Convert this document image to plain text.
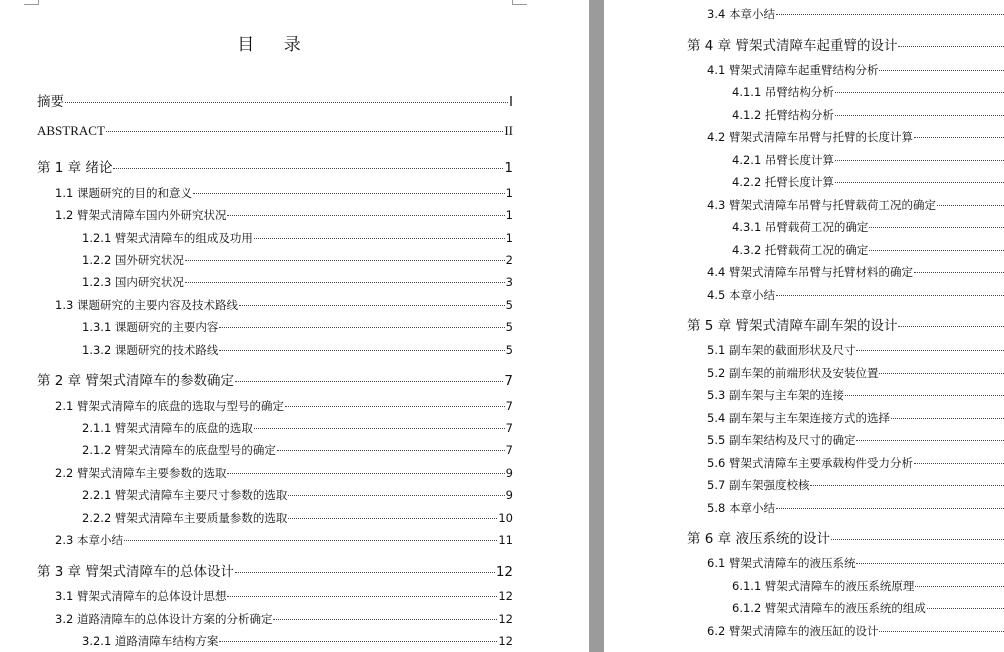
目 录
摘要	I
ABSTRACT	II
第 1 章 绪论	1
1.1 课题研究的目的和意义	1
1.2 臂架式清障车国内外研究状况	1
1.2.1 臂架式清障车的组成及功用	1
1.2.2 国外研究状况	2
1.2.3 国内研究状况	3
1.3 课题研究的主要内容及技术路线	5
1.3.1 课题研究的主要内容	5
1.3.2 课题研究的技术路线	5
第 2 章 臂架式清障车的参数确定	7
2.1 臂架式清障车的底盘的选取与型号的确定	7
2.1.1 臂架式清障车的底盘的选取	7
2.1.2 臂架式清障车的底盘型号的确定	7
2.2 臂架式清障车主要参数的选取	9
2.2.1 臂架式清障车主要尺寸参数的选取	9
2.2.2 臂架式清障车主要质量参数的选取	10
2.3 本章小结	11
第 3 章 臂架式清障车的总体设计	12
3.1 臂架式清障车的总体设计思想	12
3.2 道路清障车的总体设计方案的分析确定	12
3.2.1 道路清障车结构方案	12
3.4 本章小结
第 4 章 臂架式清障车起重臂的设计
4.1 臂架式清障车起重臂结构分析
4.1.1 吊臂结构分析
4.1.2 托臂结构分析
4.2 臂架式清障车吊臂与托臂的长度计算
4.2.1 吊臂长度计算
4.2.2 托臂长度计算
4.3 臂架式清障车吊臂与托臂载荷工况的确定
4.3.1 吊臂载荷工况的确定
4.3.2 托臂载荷工况的确定
4.4 臂架式清障车吊臂与托臂材料的确定
4.5 本章小结
第 5 章 臂架式清障车副车架的设计
5.1 副车架的截面形状及尺寸
5.2 副车架的前端形状及安装位置
5.3 副车架与主车架的连接
5.4 副车架与主车架连接方式的选择
5.5 副车架结构及尺寸的确定
5.6 臂架式清障车主要承载构件受力分析
5.7 副车架强度校核
5.8 本章小结
第 6 章 液压系统的设计
6.1 臂架式清障车的液压系统
6.1.1 臂架式清障车的液压系统原理
6.1.2 臂架式清障车的液压系统的组成
6.2 臂架式清障车的液压缸的设计
